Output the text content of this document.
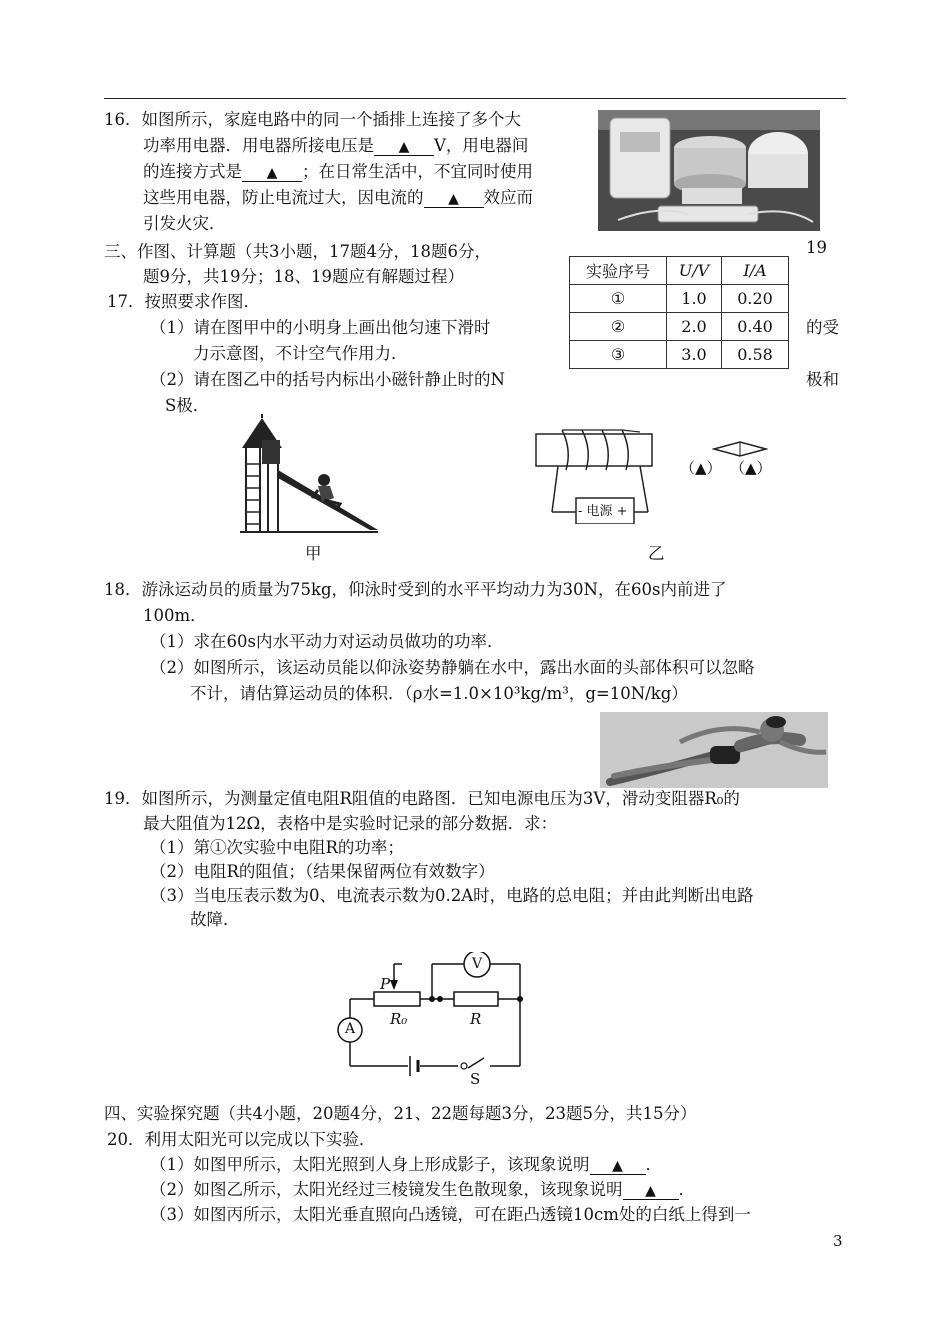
16．如图所示，家庭电路中的同一个插排上连接了多个大
功率用电器．用电器所接电压是 ▲ V，用电器间
的连接方式是 ▲ ；在日常生活中，不宜同时使用
这些用电器，防止电流过大，因电流的 ▲ 效应而
引发火灾．
三、作图、计算题（共3小题，17题4分，18题6分，	19
题9分，共19分；18、19题应有解题过程）	实验序号	U/V	I/A
①	1.0	0.20
②	2.0	0.40
③	3.0	0.58
17．按照要求作图．
（1）请在图甲中的小明身上画出他匀速下滑时	的受
力示意图，不计空气作用力．
（2）请在图乙中的括号内标出小磁针静止时的N	极和
S极．
甲
- 电源 +
（▲） （▲）
乙
18．游泳运动员的质量为75kg，仰泳时受到的水平平均动力为30N，在60s内前进了
100m．
（1）求在60s内水平动力对运动员做功的功率．
（2）如图所示，该运动员能以仰泳姿势静躺在水中，露出水面的头部体积可以忽略
不计，请估算运动员的体积．（ρ水=1.0×10³kg/m³，g=10N/kg）
19．如图所示，为测量定值电阻R阻值的电路图．已知电源电压为3V，滑动变阻器R₀的
最大阻值为12Ω，表格中是实验时记录的部分数据．求：
（1）第①次实验中电阻R的功率；
（2）电阻R的阻值；（结果保留两位有效数字）
（3）当电压表示数为0、电流表示数为0.2A时，电路的总电阻；并由此判断出电路
故障．
P
R₀	R
V
A
S
四、实验探究题（共4小题，20题4分，21、22题每题3分，23题5分，共15分）
20．利用太阳光可以完成以下实验．
（1）如图甲所示，太阳光照到人身上形成影子，该现象说明 ▲ ．
（2）如图乙所示，太阳光经过三棱镜发生色散现象，该现象说明 ▲ ．
（3）如图丙所示，太阳光垂直照向凸透镜，可在距凸透镜10cm处的白纸上得到一
3
